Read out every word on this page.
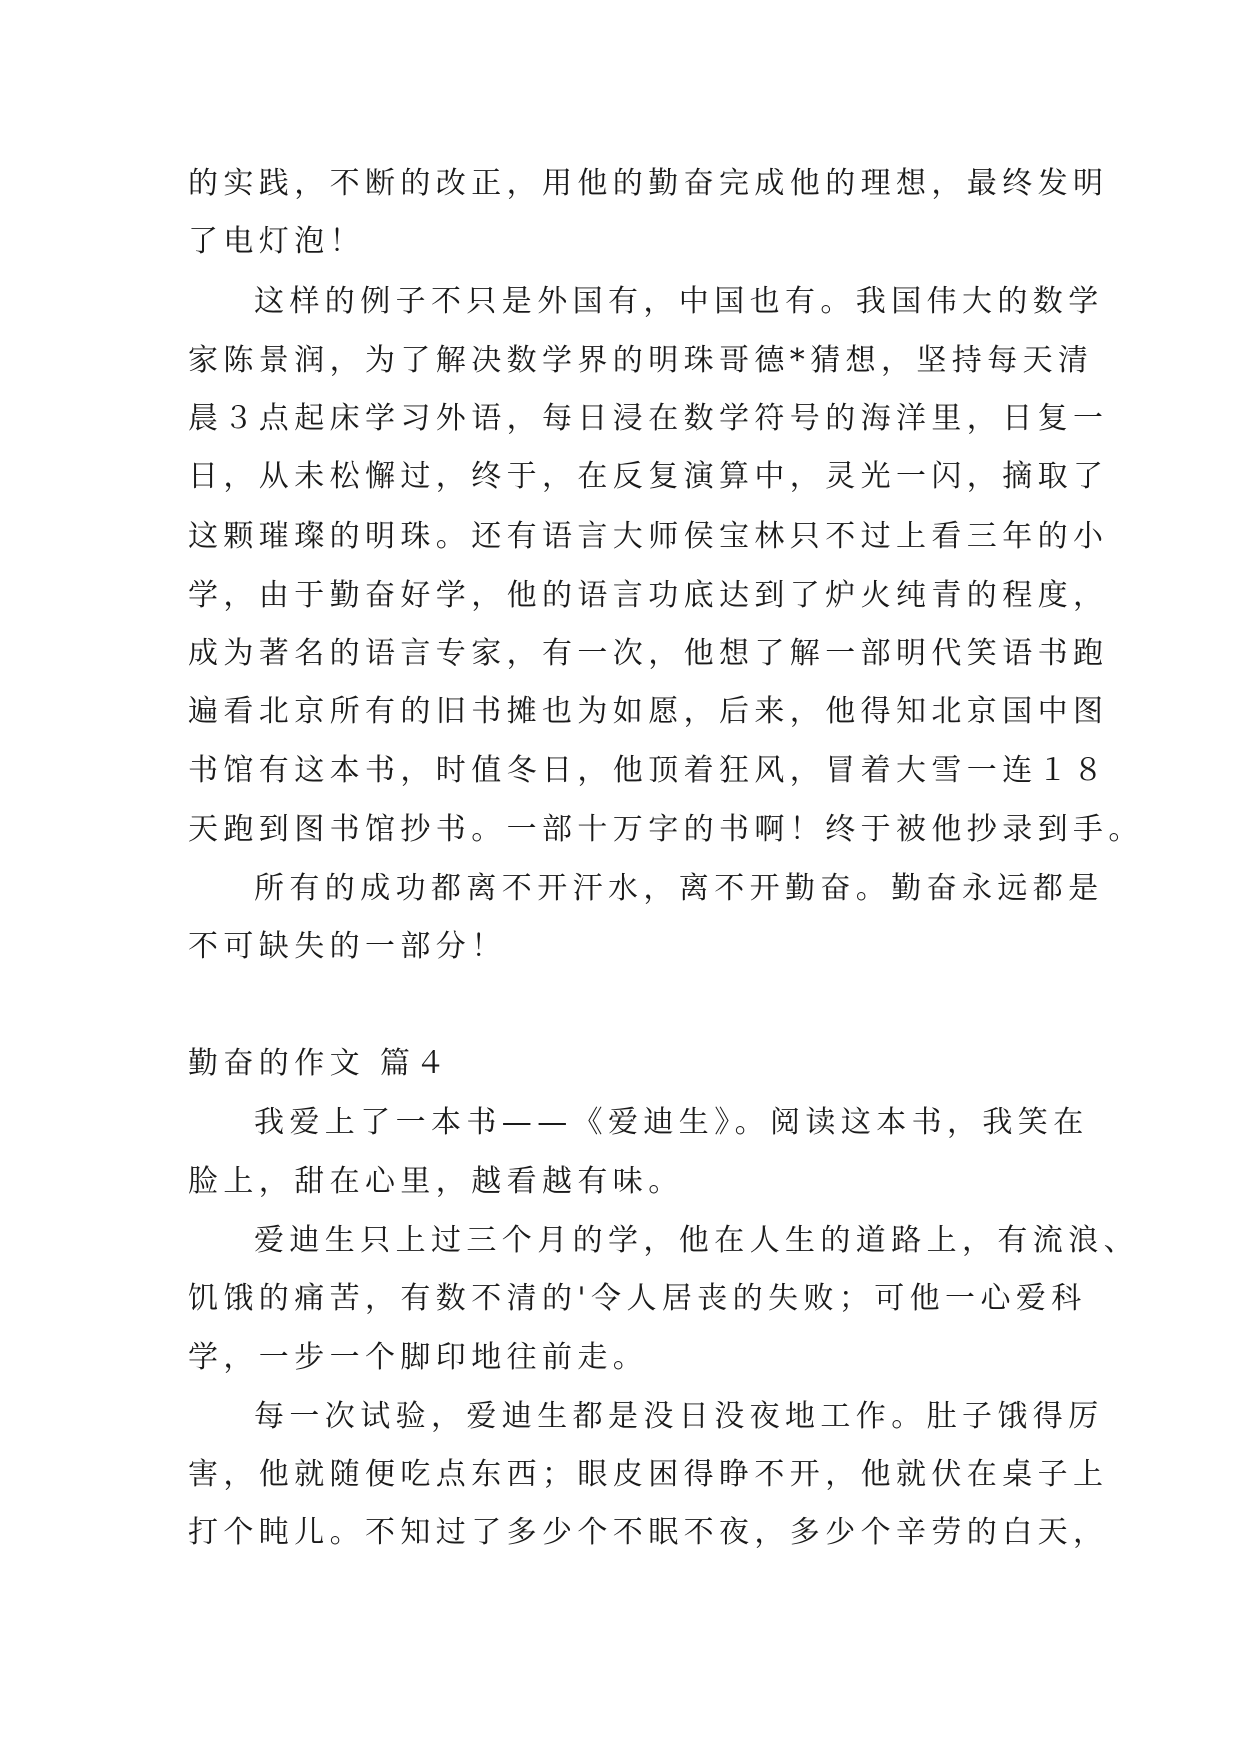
的实践，不断的改正，用他的勤奋完成他的理想，最终发明
了电灯泡！
这样的例子不只是外国有，中国也有。我国伟大的数学
家陈景润，为了解决数学界的明珠哥德*猜想，坚持每天清
晨３点起床学习外语，每日浸在数学符号的海洋里，日复一
日，从未松懈过，终于，在反复演算中，灵光一闪，摘取了
这颗璀璨的明珠。还有语言大师侯宝林只不过上看三年的小
学，由于勤奋好学，他的语言功底达到了炉火纯青的程度，
成为著名的语言专家，有一次，他想了解一部明代笑语书跑
遍看北京所有的旧书摊也为如愿，后来，他得知北京国中图
书馆有这本书，时值冬日，他顶着狂风，冒着大雪一连１８
天跑到图书馆抄书。一部十万字的书啊！终于被他抄录到手。
所有的成功都离不开汗水，离不开勤奋。勤奋永远都是
不可缺失的一部分！
勤奋的作文 篇４
我爱上了一本书——《爱迪生》。阅读这本书，我笑在
脸上，甜在心里，越看越有味。
爱迪生只上过三个月的学，他在人生的道路上，有流浪、
饥饿的痛苦，有数不清的'令人居丧的失败；可他一心爱科
学，一步一个脚印地往前走。
每一次试验，爱迪生都是没日没夜地工作。肚子饿得厉
害，他就随便吃点东西；眼皮困得睁不开，他就伏在桌子上
打个盹儿。不知过了多少个不眠不夜，多少个辛劳的白天，
